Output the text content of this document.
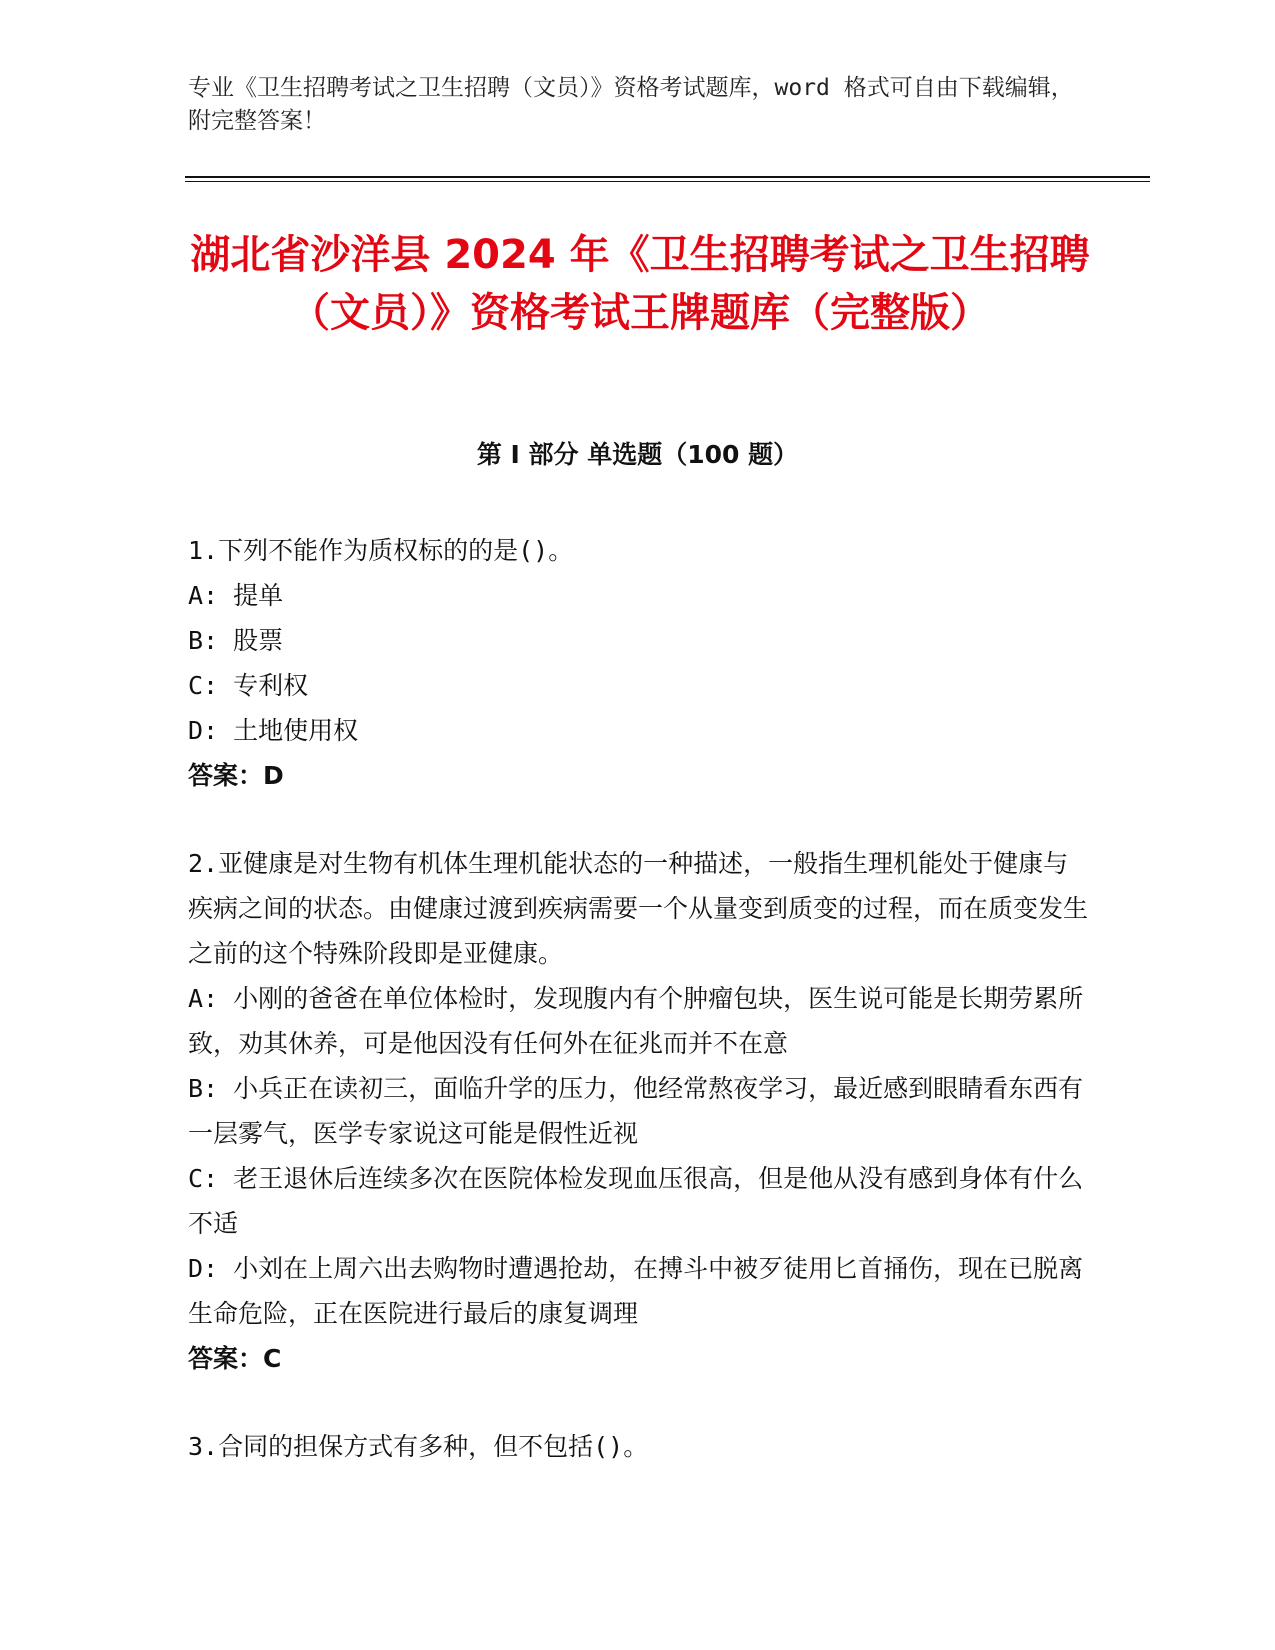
专业《卫生招聘考试之卫生招聘（文员）》资格考试题库，word 格式可自由下载编辑，附完整答案！
湖北省沙洋县 2024 年《卫生招聘考试之卫生招聘（文员）》资格考试王牌题库（完整版）
第 I 部分 单选题（100 题）

1.下列不能作为质权标的的是()。

A: 提单

B: 股票

C: 专利权

D: 土地使用权

答案：D

2.亚健康是对生物有机体生理机能状态的一种描述，一般指生理机能处于健康与疾病之间的状态。由健康过渡到疾病需要一个从量变到质变的过程，而在质变发生之前的这个特殊阶段即是亚健康。

A: 小刚的爸爸在单位体检时，发现腹内有个肿瘤包块，医生说可能是长期劳累所致，劝其休养，可是他因没有任何外在征兆而并不在意

B: 小兵正在读初三，面临升学的压力，他经常熬夜学习，最近感到眼睛看东西有一层雾气，医学专家说这可能是假性近视

C: 老王退休后连续多次在医院体检发现血压很高，但是他从没有感到身体有什么不适

D: 小刘在上周六出去购物时遭遇抢劫，在搏斗中被歹徒用匕首捅伤，现在已脱离生命危险，正在医院进行最后的康复调理

答案：C

3.合同的担保方式有多种，但不包括()。
